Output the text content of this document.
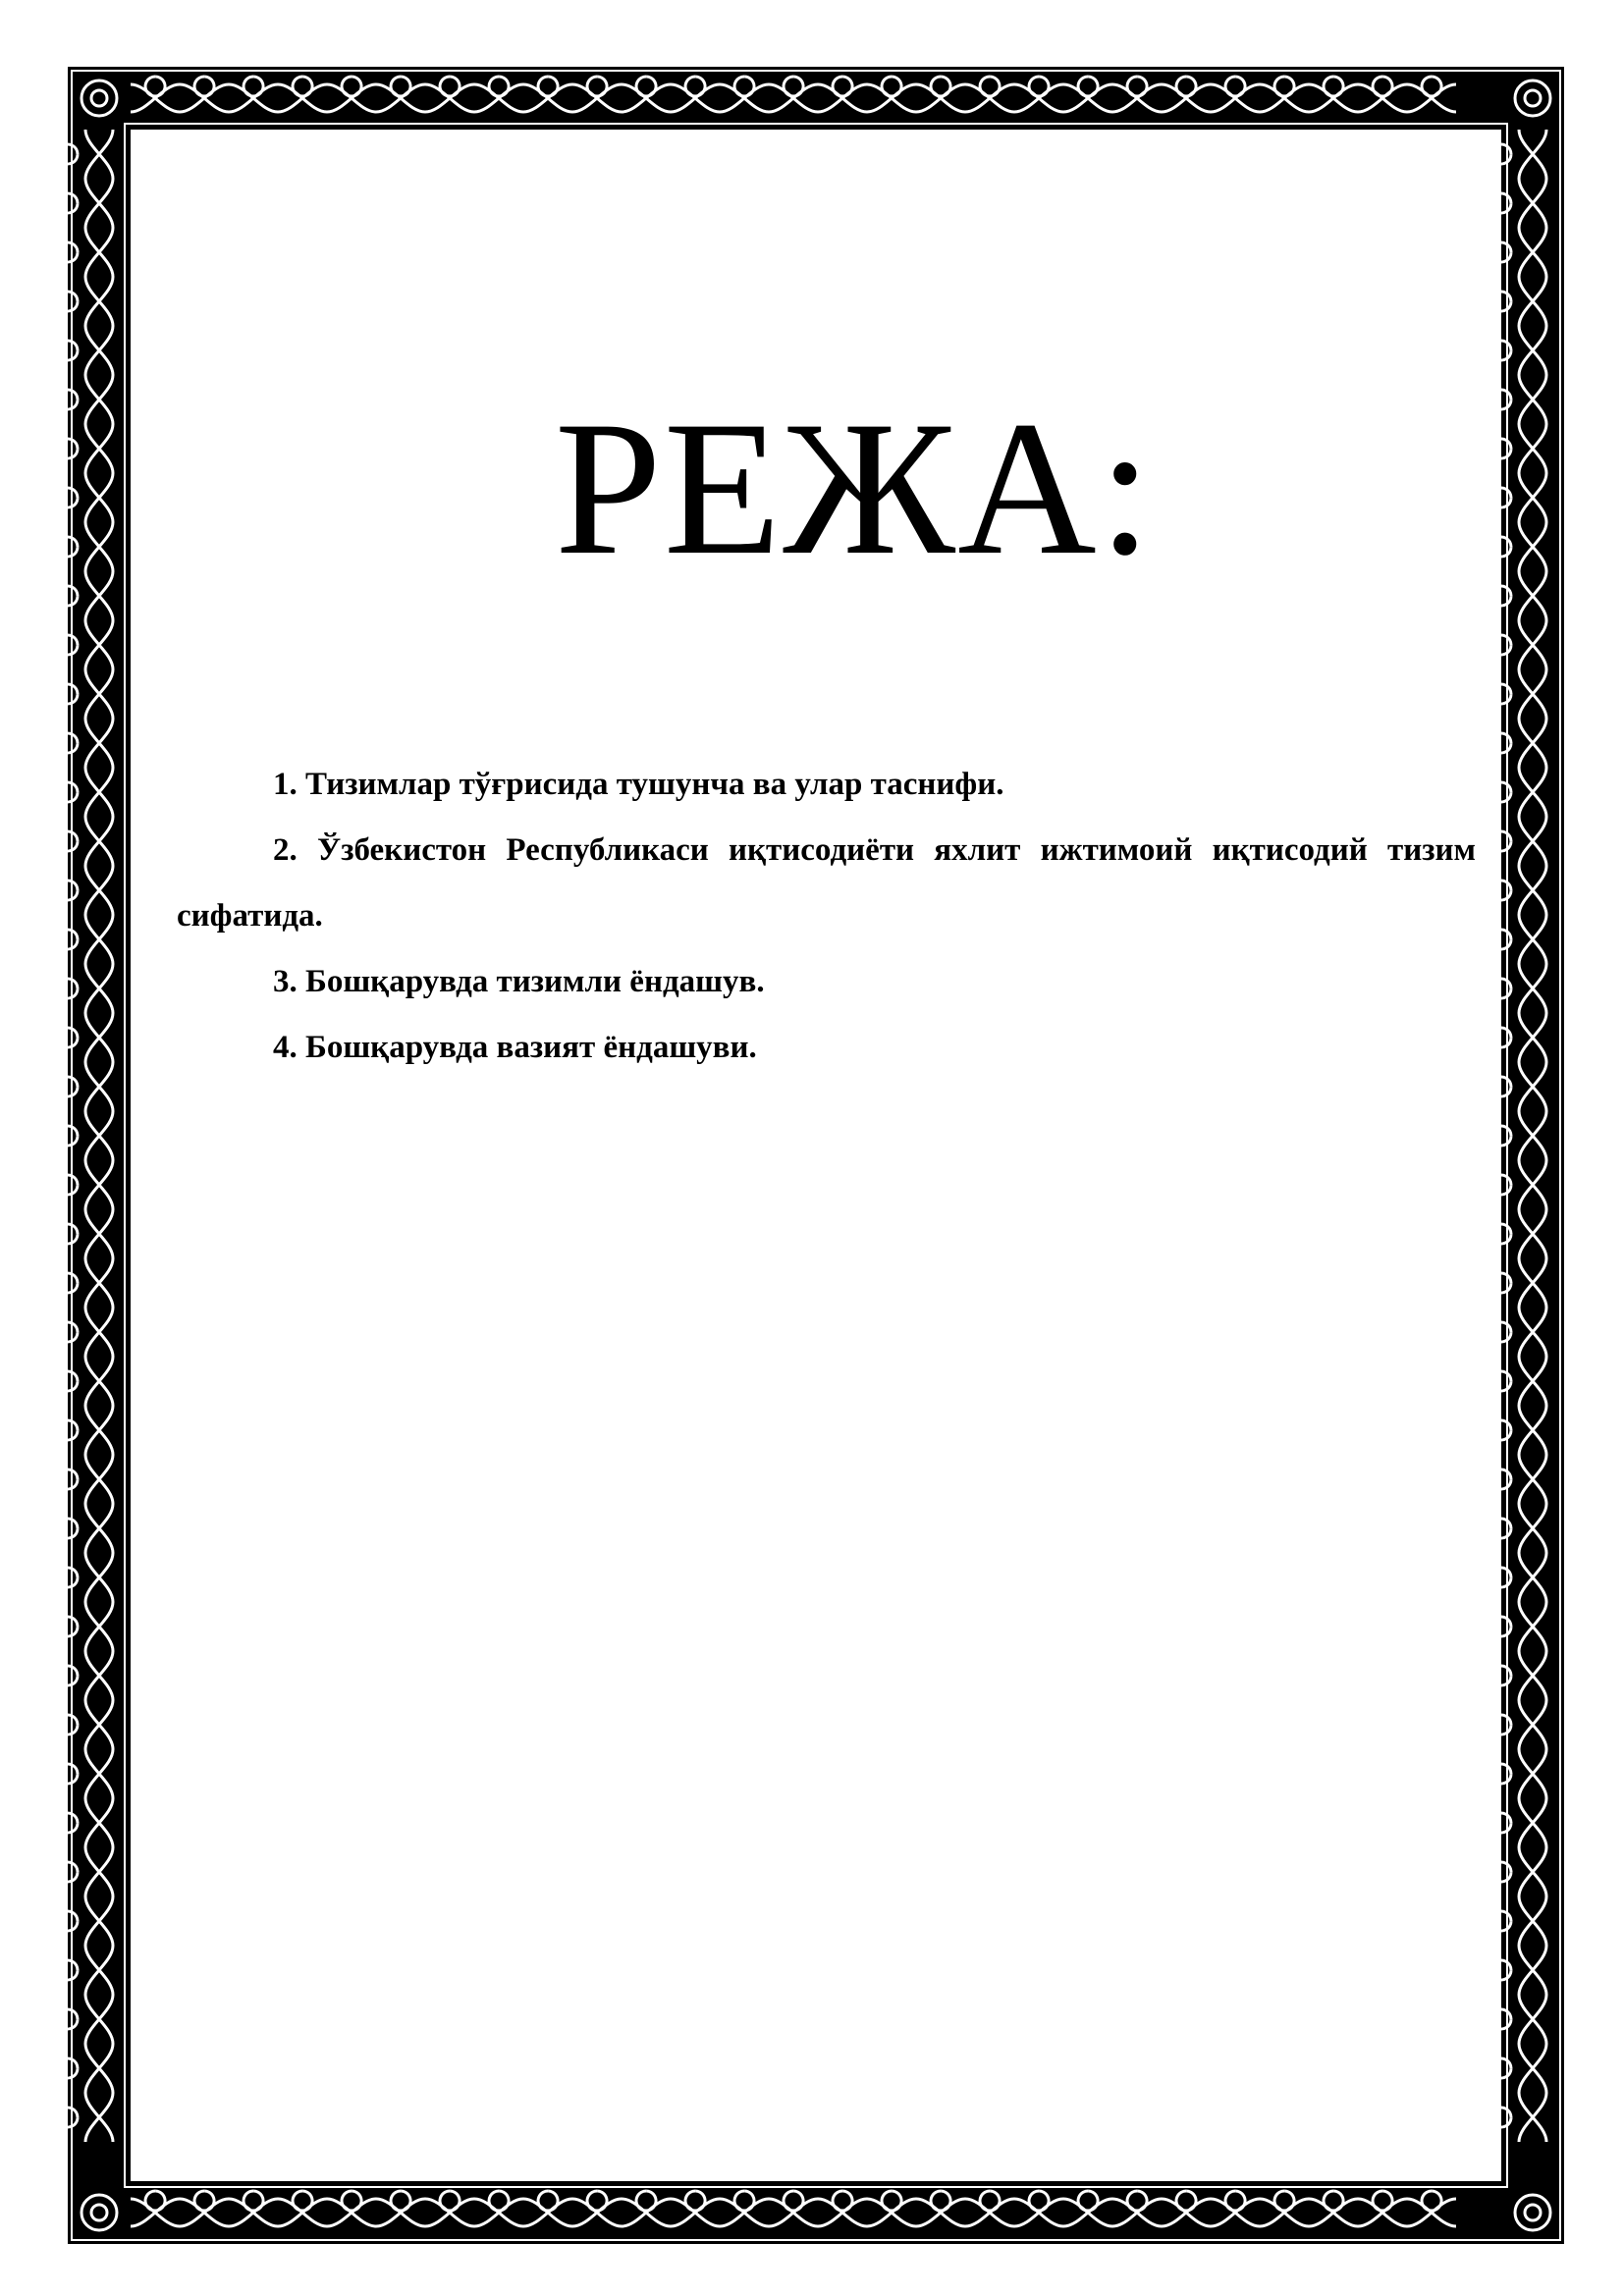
РЕЖА:

1. Тизимлар тўғрисида тушунча ва улар таснифи.

2. Ўзбекистон Республикаси иқтисодиёти яхлит ижтимоий иқтисодий тизим сифатида.

3. Бошқарувда тизимли ёндашув.

4. Бошқарувда вазият ёндашуви.
